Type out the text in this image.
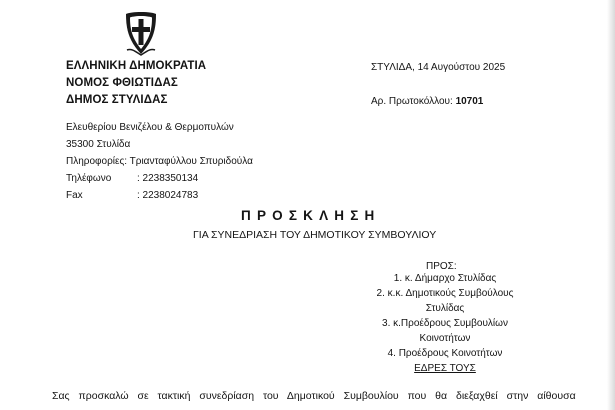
ΕΛΛΗΝΙΚΗ ΔΗΜΟΚΡΑΤΙΑ
ΝΟΜΟΣ ΦΘΙΩΤΙΔΑΣ
ΔΗΜΟΣ ΣΤΥΛΙΔΑΣ
ΣΤΥΛΙΔΑ, 14 Αυγούστου 2025
Αρ. Πρωτοκόλλου: 10701
Ελευθερίου Βενιζέλου & Θερμοπυλών
35300 Στυλίδα
Πληροφορίες: Τριανταφύλλου Σπυριδούλα
Τηλέφωνο	: 2238350134
Fax	: 2238024783
ΠΡΟΣΚΛΗΣΗ
ΓΙΑ ΣΥΝΕΔΡΙΑΣΗ ΤΟΥ ΔΗΜΟΤΙΚΟΥ ΣΥΜΒΟΥΛΙΟΥ
ΠΡΟΣ:
1. κ. Δήμαρχο Στυλίδας
2. κ.κ. Δημοτικούς Συμβούλους
Στυλίδας
3. κ.Προέδρους Συμβουλίων
Κοινοτήτων
4. Προέδρους Κοινοτήτων
ΕΔΡΕΣ ΤΟΥΣ
Σας προσκαλώ σε τακτική συνεδρίαση του Δημοτικού Συμβουλίου που θα διεξαχθεί στην αίθουσα
